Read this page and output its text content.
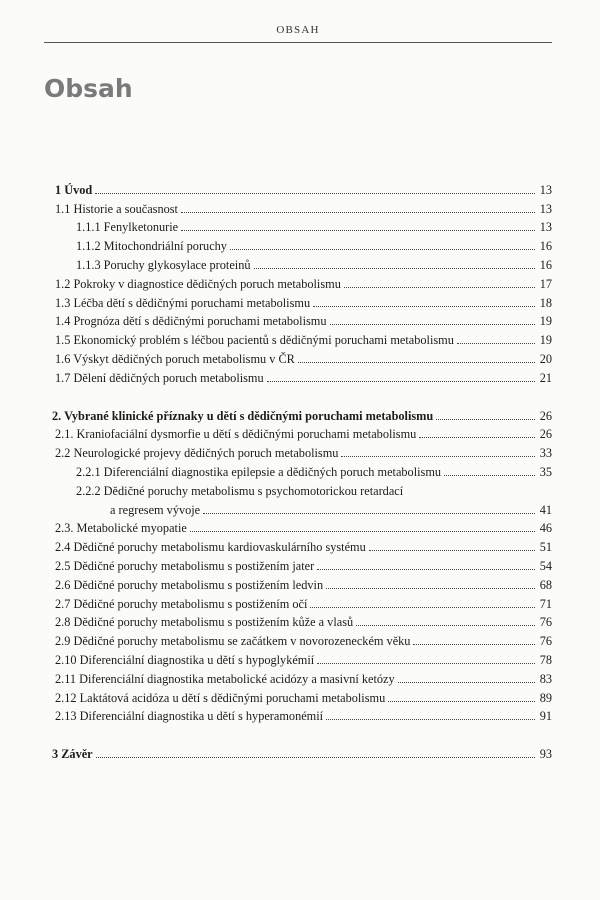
OBSAH
Obsah
1 Úvod	13
1.1 Historie a současnost	13
1.1.1 Fenylketonurie	13
1.1.2 Mitochondriální poruchy	16
1.1.3 Poruchy glykosylace proteinů	16
1.2 Pokroky v diagnostice dědičných poruch metabolismu	17
1.3 Léčba dětí s dědičnými poruchami metabolismu	18
1.4 Prognóza dětí s dědičnými poruchami metabolismu	19
1.5 Ekonomický problém s léčbou pacientů s dědičnými poruchami metabolismu	19
1.6 Výskyt dědičných poruch metabolismu v ČR	20
1.7 Dělení dědičných poruch metabolismu	21
2. Vybrané klinické příznaky u dětí s dědičnými poruchami metabolismu	26
2.1. Kraniofaciální dysmorfie u dětí s dědičnými poruchami metabolismu	26
2.2 Neurologické projevy dědičných poruch metabolismu	33
2.2.1 Diferenciální diagnostika epilepsie a dědičných poruch metabolismu	35
2.2.2 Dědičné poruchy metabolismu s psychomotorickou retardací
a regresem vývoje	41
2.3. Metabolické myopatie	46
2.4 Dědičné poruchy metabolismu kardiovaskulárního systému	51
2.5 Dědičné poruchy metabolismu s postižením jater	54
2.6 Dědičné poruchy metabolismu s postižením ledvin	68
2.7 Dědičné poruchy metabolismu s postižením očí	71
2.8 Dědičné poruchy metabolismu s postižením kůže a vlasů	76
2.9 Dědičné poruchy metabolismu se začátkem v novorozeneckém věku	76
2.10 Diferenciální diagnostika u dětí s hypoglykémií	78
2.11 Diferenciální diagnostika metabolické acidózy a masivní ketózy	83
2.12 Laktátová acidóza u dětí s dědičnými poruchami metabolismu	89
2.13 Diferenciální diagnostika u dětí s hyperamonémií	91
3 Závěr	93
